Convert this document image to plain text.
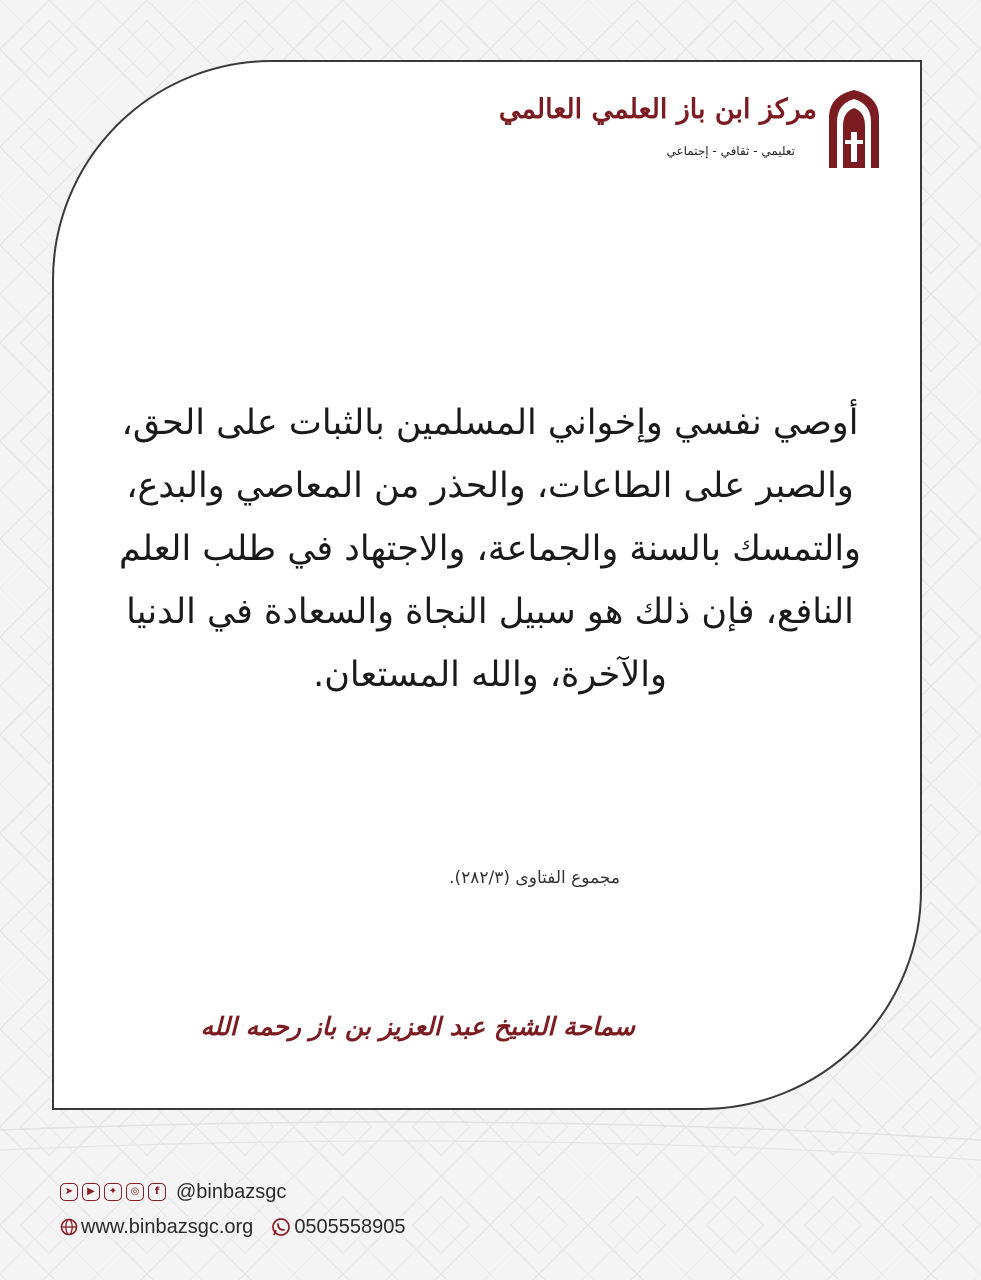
مركز ابن باز العلمي العالمي
تعليمي - ثقافي - إجتماعي

أوصي نفسي وإخواني المسلمين بالثبات على الحق، والصبر على الطاعات، والحذر من المعاصي والبدع، والتمسك بالسنة والجماعة، والاجتهاد في طلب العلم النافع، فإن ذلك هو سبيل النجاة والسعادة في الدنيا والآخرة، والله المستعان.

مجموع الفتاوى (٢٨٢/٣).

سماحة الشيخ عبد العزيز بن باز رحمه الله
➤	▶	✦	◎	f @binbazsgc
www.binbazsgc.org 0505558905
